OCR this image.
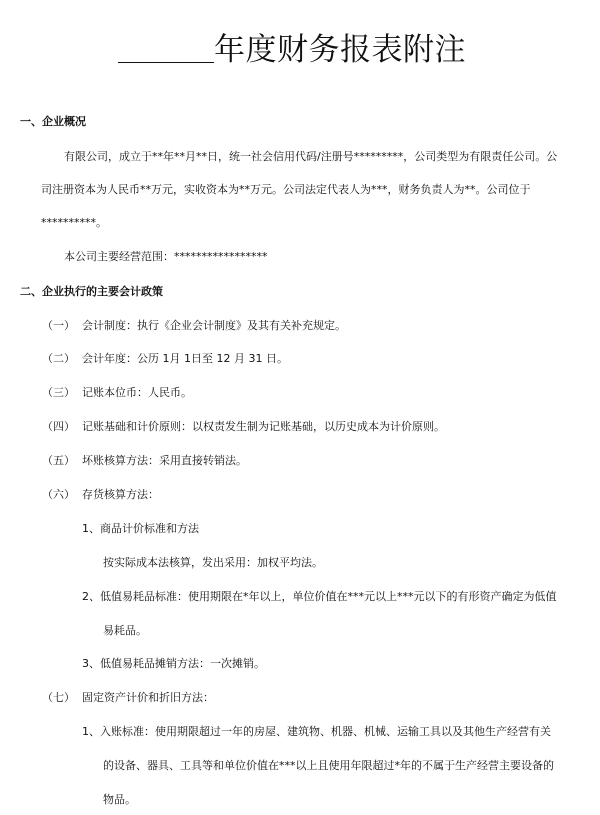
年度财务报表附注
一、企业概况
有限公司，成立于**年**月**日，统一社会信用代码/注册号*********，公司类型为有限责任公司。公
司注册资本为人民币**万元，实收资本为**万元。公司法定代表人为***，财务负责人为**。公司位于
**********。
本公司主要经营范围：*****************
二、企业执行的主要会计政策
（一） 会计制度：执行《企业会计制度》及其有关补充规定。
（二） 会计年度：公历 1月 1日至 12 月 31 日。
（三） 记账本位币：人民币。
（四） 记账基础和计价原则：以权责发生制为记账基础，以历史成本为计价原则。
（五） 坏账核算方法：采用直接转销法。
（六） 存货核算方法：
1、商品计价标准和方法
按实际成本法核算，发出采用：加权平均法。
2、低值易耗品标准：使用期限在*年以上，单位价值在***元以上***元以下的有形资产确定为低值
易耗品。
3、低值易耗品摊销方法：一次摊销。
（七） 固定资产计价和折旧方法：
1、入账标准：使用期限超过一年的房屋、建筑物、机器、机械、运输工具以及其他生产经营有关
的设备、器具、工具等和单位价值在***以上且使用年限超过*年的不属于生产经营主要设备的
物品。
